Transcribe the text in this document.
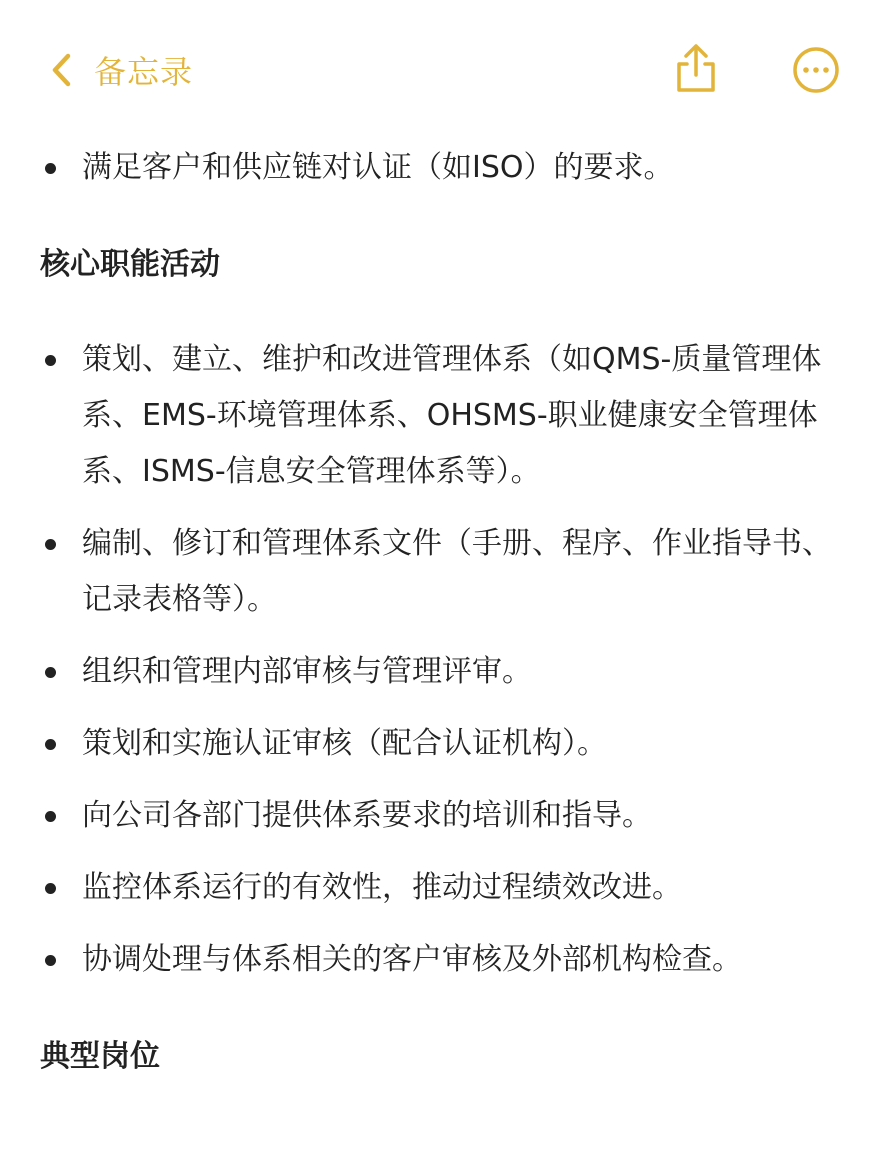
备忘录
满足客户和供应链对认证（如ISO）的要求。
核心职能活动
策划、建立、维护和改进管理体系（如QMS-质量管理体系、EMS-环境管理体系、OHSMS-职业健康安全管理体系、ISMS-信息安全管理体系等）。
编制、修订和管理体系文件（手册、程序、作业指导书、记录表格等）。
组织和管理内部审核与管理评审。
策划和实施认证审核（配合认证机构）。
向公司各部门提供体系要求的培训和指导。
监控体系运行的有效性，推动过程绩效改进。
协调处理与体系相关的客户审核及外部机构检查。
典型岗位
